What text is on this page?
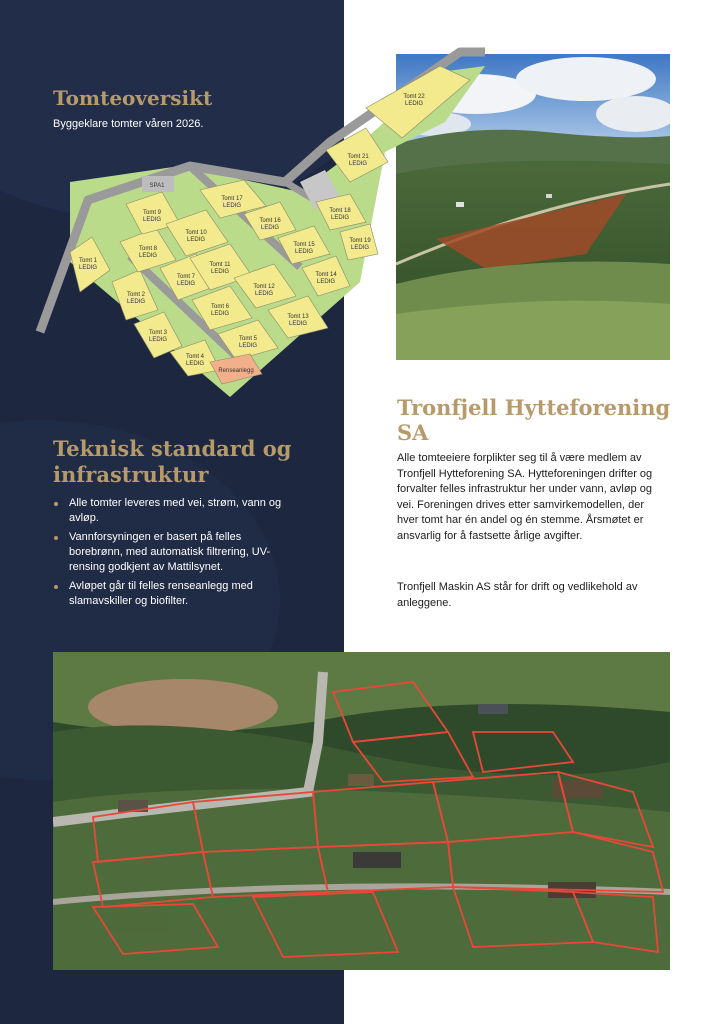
Tomteoversikt

Byggeklare tomter våren 2026.

SPA1
Renseanlegg
Tomt 1
LEDIG
Tomt 2
LEDIG
Tomt 3
LEDIG
Tomt 4
LEDIG
Tomt 5
LEDIG
Tomt 6
LEDIG
Tomt 7
LEDIG
Tomt 8
LEDIG
Tomt 9
LEDIG
Tomt 10
LEDIG
Tomt 11
LEDIG
Tomt 12
LEDIG
Tomt 13
LEDIG
Tomt 14
LEDIG
Tomt 15
LEDIG
Tomt 16
LEDIG
Tomt 17
LEDIG
Tomt 18
LEDIG
Tomt 19
LEDIG
Tomt 21
LEDIG
Tomt 22
LEDIG
Teknisk standard og infrastruktur
Alle tomter leveres med vei, strøm, vann og avløp.
Vannforsyningen er basert på felles borebrønn, med automatisk filtrering, UV-rensing godkjent av Mattilsynet.
Avløpet går til felles renseanlegg med slamavskiller og biofilter.
Tronfjell Hytteforening SA

Alle tomteeiere forplikter seg til å være medlem av Tronfjell Hytteforening SA. Hytteforeningen drifter og forvalter felles infrastruktur her under vann, avløp og vei. Foreningen drives etter samvirkemodellen, der hver tomt har én andel og én stemme. Årsmøtet er ansvarlig for å fastsette årlige avgifter.

Tronfjell Maskin AS står for drift og vedlikehold av anleggene.
